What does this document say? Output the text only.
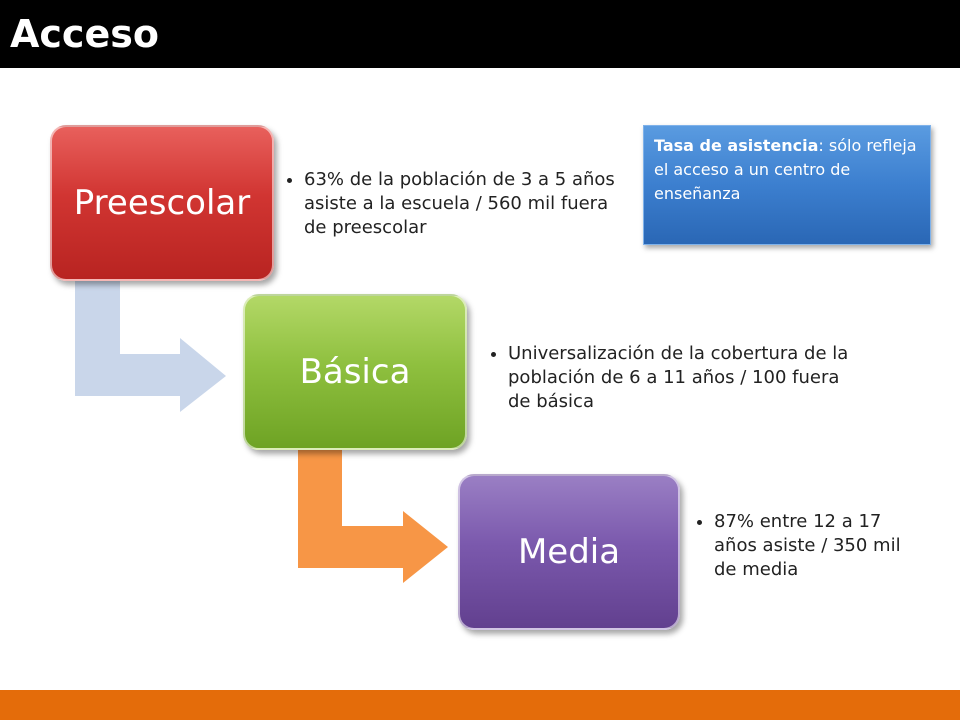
Acceso
Preescolar
• 63% de la población de 3 a 5 años asiste a la escuela / 560 mil fuera de preescolar
Básica
•	Universalización de la cobertura de la población de 6 a 11 años / 100 fuera de básica
Media
• 87% entre 12 a 17 años asiste / 350 mil de media
Tasa de asistencia: sólo refleja el acceso a un centro de enseñanza
